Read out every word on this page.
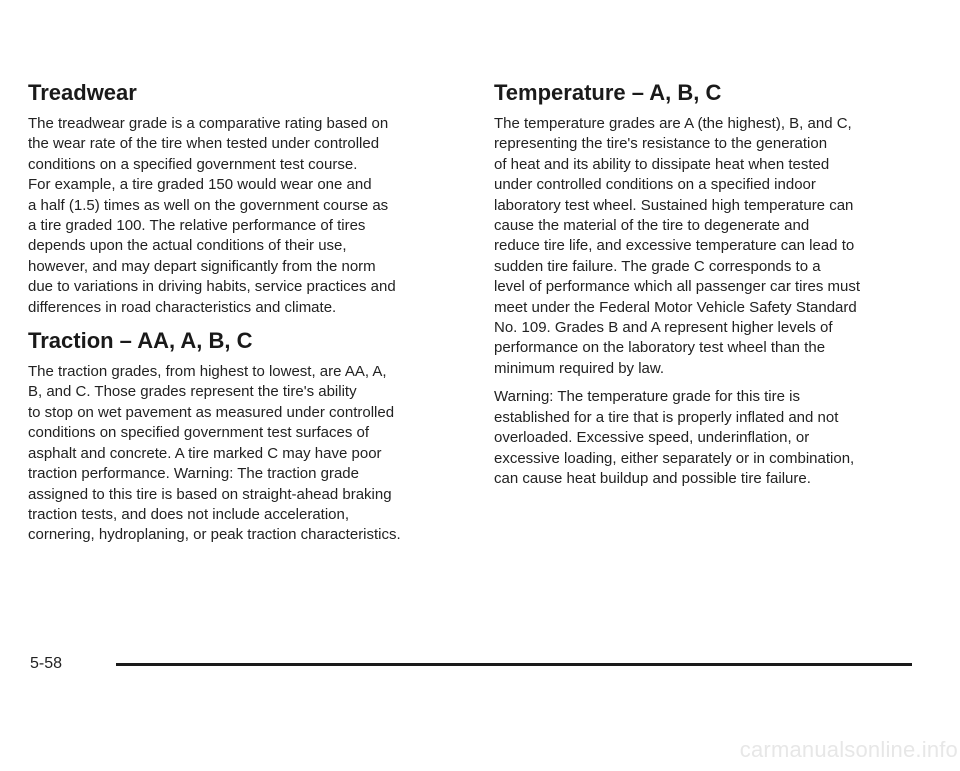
Treadwear

The treadwear grade is a comparative rating based on
the wear rate of the tire when tested under controlled
conditions on a specified government test course.
For example, a tire graded 150 would wear one and
a half (1.5) times as well on the government course as
a tire graded 100. The relative performance of tires
depends upon the actual conditions of their use,
however, and may depart significantly from the norm
due to variations in driving habits, service practices and
differences in road characteristics and climate.

Traction – AA, A, B, C

The traction grades, from highest to lowest, are AA, A,
B, and C. Those grades represent the tire's ability
to stop on wet pavement as measured under controlled
conditions on specified government test surfaces of
asphalt and concrete. A tire marked C may have poor
traction performance. Warning: The traction grade
assigned to this tire is based on straight-ahead braking
traction tests, and does not include acceleration,
cornering, hydroplaning, or peak traction characteristics.

Temperature – A, B, C

The temperature grades are A (the highest), B, and C,
representing the tire's resistance to the generation
of heat and its ability to dissipate heat when tested
under controlled conditions on a specified indoor
laboratory test wheel. Sustained high temperature can
cause the material of the tire to degenerate and
reduce tire life, and excessive temperature can lead to
sudden tire failure. The grade C corresponds to a
level of performance which all passenger car tires must
meet under the Federal Motor Vehicle Safety Standard
No. 109. Grades B and A represent higher levels of
performance on the laboratory test wheel than the
minimum required by law.

Warning: The temperature grade for this tire is
established for a tire that is properly inflated and not
overloaded. Excessive speed, underinflation, or
excessive loading, either separately or in combination,
can cause heat buildup and possible tire failure.

5-58
carmanualsonline.info
